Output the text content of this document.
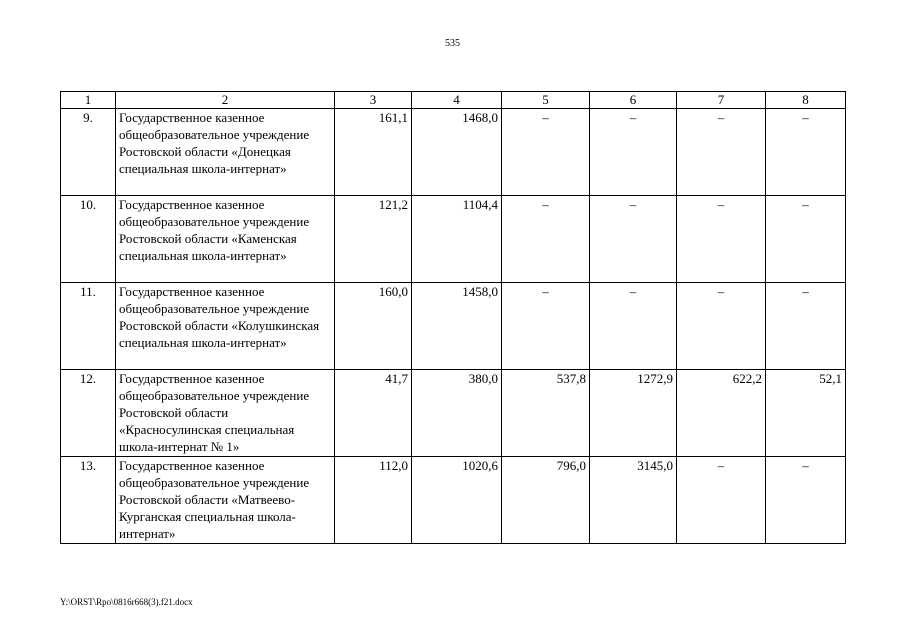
535
1	2	3	4	5	6	7	8
9.	Государственное казенное общеобразовательное учреждение Ростовской области «Донецкая специальная школа-интернат»	161,1	1468,0	–	–	–	–
10.	Государственное казенное общеобразовательное учреждение Ростовской области «Каменская специальная школа-интернат»	121,2	1104,4	–	–	–	–
11.	Государственное казенное общеобразовательное учреждение Ростовской области «Колушкинская специальная школа-интернат»	160,0	1458,0	–	–	–	–
12.	Государственное казенное общеобразовательное учреждение Ростовской области «Красносулинская специальная школа-интернат № 1»	41,7	380,0	537,8	1272,9	622,2	52,1
13.	Государственное казенное общеобразовательное учреждение Ростовской области «Матвеево-Курганская специальная школа-интернат»	112,0	1020,6	796,0	3145,0	–	–
Y:\ORST\Rpo\0816r668(3).f21.docx
